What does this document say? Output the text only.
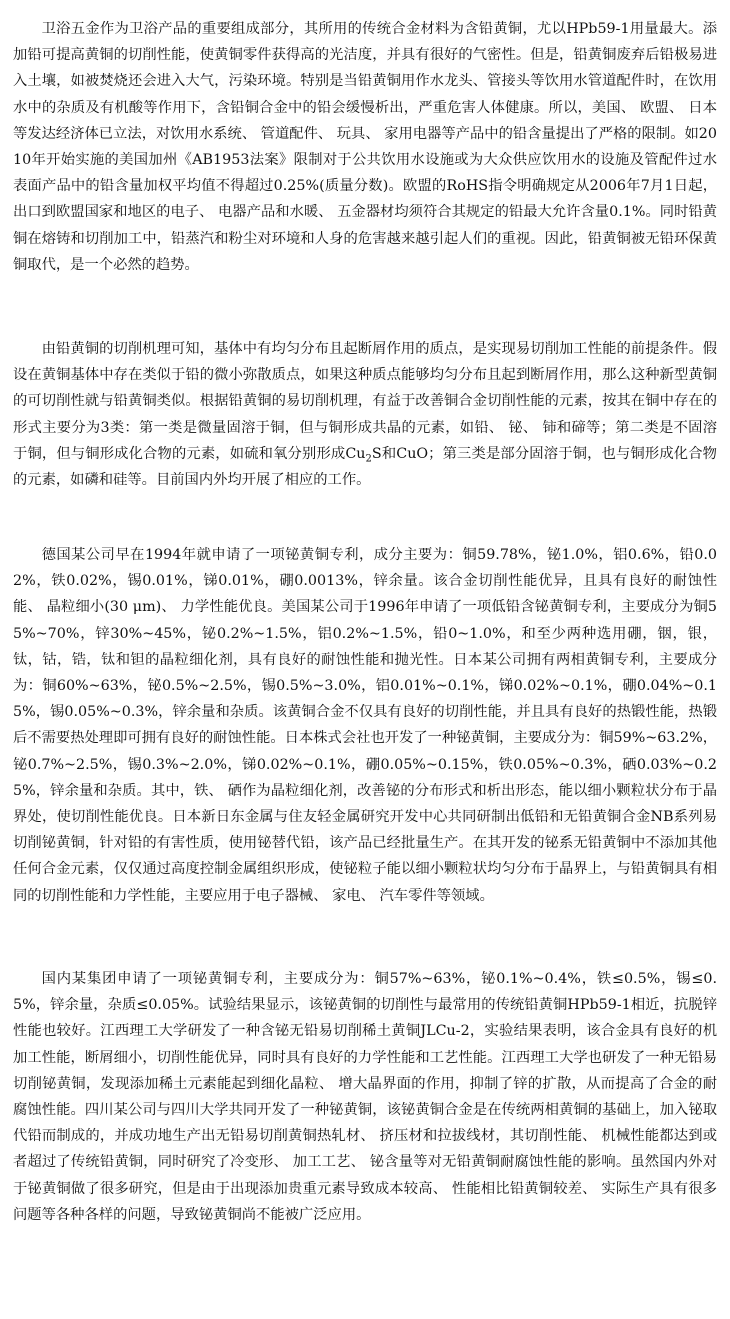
卫浴五金作为卫浴产品的重要组成部分，其所用的传统合金材料为含铅黄铜，尤以HPb59-1用量最大。添加铅可提高黄铜的切削性能，使黄铜零件获得高的光洁度，并具有很好的气密性。但是，铅黄铜废弃后铅极易进入土壤，如被焚烧还会进入大气，污染环境。特别是当铅黄铜用作水龙头、管接头等饮用水管道配件时，在饮用水中的杂质及有机酸等作用下，含铅铜合金中的铅会缓慢析出，严重危害人体健康。所以，美国、 欧盟、 日本等发达经济体已立法，对饮用水系统、 管道配件、 玩具、 家用电器等产品中的铅含量提出了严格的限制。如2010年开始实施的美国加州《AB1953法案》限制对于公共饮用水设施或为大众供应饮用水的设施及管配件过水表面产品中的铅含量加权平均值不得超过0.25%(质量分数)。欧盟的RoHS指令明确规定从2006年7月1日起，出口到欧盟国家和地区的电子、 电器产品和水暖、 五金器材均须符合其规定的铅最大允许含量0.1%。同时铅黄铜在熔铸和切削加工中，铅蒸汽和粉尘对环境和人身的危害越来越引起人们的重视。因此，铅黄铜被无铅环保黄铜取代，是一个必然的趋势。

由铅黄铜的切削机理可知，基体中有均匀分布且起断屑作用的质点，是实现易切削加工性能的前提条件。假设在黄铜基体中存在类似于铅的微小弥散质点，如果这种质点能够均匀分布且起到断屑作用，那么这种新型黄铜的可切削性就与铅黄铜类似。根据铅黄铜的易切削机理，有益于改善铜合金切削性能的元素，按其在铜中存在的形式主要分为3类：第一类是微量固溶于铜，但与铜形成共晶的元素，如铅、 铋、 铈和碲等；第二类是不固溶于铜，但与铜形成化合物的元素，如硫和氧分别形成$Cu_2S$和CuO；第三类是部分固溶于铜，也与铜形成化合物的元素，如磷和硅等。目前国内外均开展了相应的工作。

德国某公司早在1994年就申请了一项铋黄铜专利，成分主要为：铜59.78%，铋1.0%，铝0.6%，铅0.02%，铁0.02%，锡0.01%，锑0.01%，硼0.0013%，锌余量。该合金切削性能优异，且具有良好的耐蚀性能、 晶粒细小(30 μm)、 力学性能优良。美国某公司于1996年申请了一项低铅含铋黄铜专利，主要成分为铜55%~70%，锌30%~45%，铋0.2%~1.5%，铝0.2%~1.5%，铅0~1.0%，和至少两种选用硼，铟，银，钛，钴，锆，钛和钽的晶粒细化剂，具有良好的耐蚀性能和抛光性。日本某公司拥有两相黄铜专利，主要成分为：铜60%~63%，铋0.5%~2.5%，锡0.5%~3.0%，铝0.01%~0.1%，锑0.02%~0.1%，硼0.04%~0.15%，锡0.05%~0.3%，锌余量和杂质。该黄铜合金不仅具有良好的切削性能，并且具有良好的热锻性能，热锻后不需要热处理即可拥有良好的耐蚀性能。日本株式会社也开发了一种铋黄铜，主要成分为：铜59%~63.2%，铋0.7%~2.5%，锡0.3%~2.0%，锑0.02%~0.1%，硼0.05%~0.15%，铁0.05%~0.3%，硒0.03%~0.25%，锌余量和杂质。其中，铁、 硒作为晶粒细化剂，改善铋的分布形式和析出形态，能以细小颗粒状分布于晶界处，使切削性能优良。日本新日东金属与住友轻金属研究开发中心共同研制出低铅和无铅黄铜合金NB系列易切削铋黄铜，针对铅的有害性质，使用铋替代铅，该产品已经批量生产。在其开发的铋系无铅黄铜中不添加其他任何合金元素，仅仅通过高度控制金属组织形成，使铋粒子能以细小颗粒状均匀分布于晶界上，与铅黄铜具有相同的切削性能和力学性能，主要应用于电子器械、 家电、 汽车零件等领域。

国内某集团申请了一项铋黄铜专利，主要成分为：铜57%~63%，铋0.1%~0.4%，铁≤0.5%，锡≤0.5%，锌余量，杂质≤0.05%。试验结果显示，该铋黄铜的切削性与最常用的传统铅黄铜HPb59-1相近，抗脱锌性能也较好。江西理工大学研发了一种含铋无铅易切削稀土黄铜JLCu-2，实验结果表明，该合金具有良好的机加工性能，断屑细小，切削性能优异，同时具有良好的力学性能和工艺性能。江西理工大学也研发了一种无铅易切削铋黄铜，发现添加稀土元素能起到细化晶粒、 增大晶界面的作用，抑制了锌的扩散，从而提高了合金的耐腐蚀性能。四川某公司与四川大学共同开发了一种铋黄铜，该铋黄铜合金是在传统两相黄铜的基础上，加入铋取代铅而制成的，并成功地生产出无铅易切削黄铜热轧材、 挤压材和拉拔线材，其切削性能、 机械性能都达到或者超过了传统铅黄铜，同时研究了冷变形、 加工工艺、 铋含量等对无铅黄铜耐腐蚀性能的影响。虽然国内外对于铋黄铜做了很多研究，但是由于出现添加贵重元素导致成本较高、 性能相比铅黄铜较差、 实际生产具有很多问题等各种各样的问题，导致铋黄铜尚不能被广泛应用。
